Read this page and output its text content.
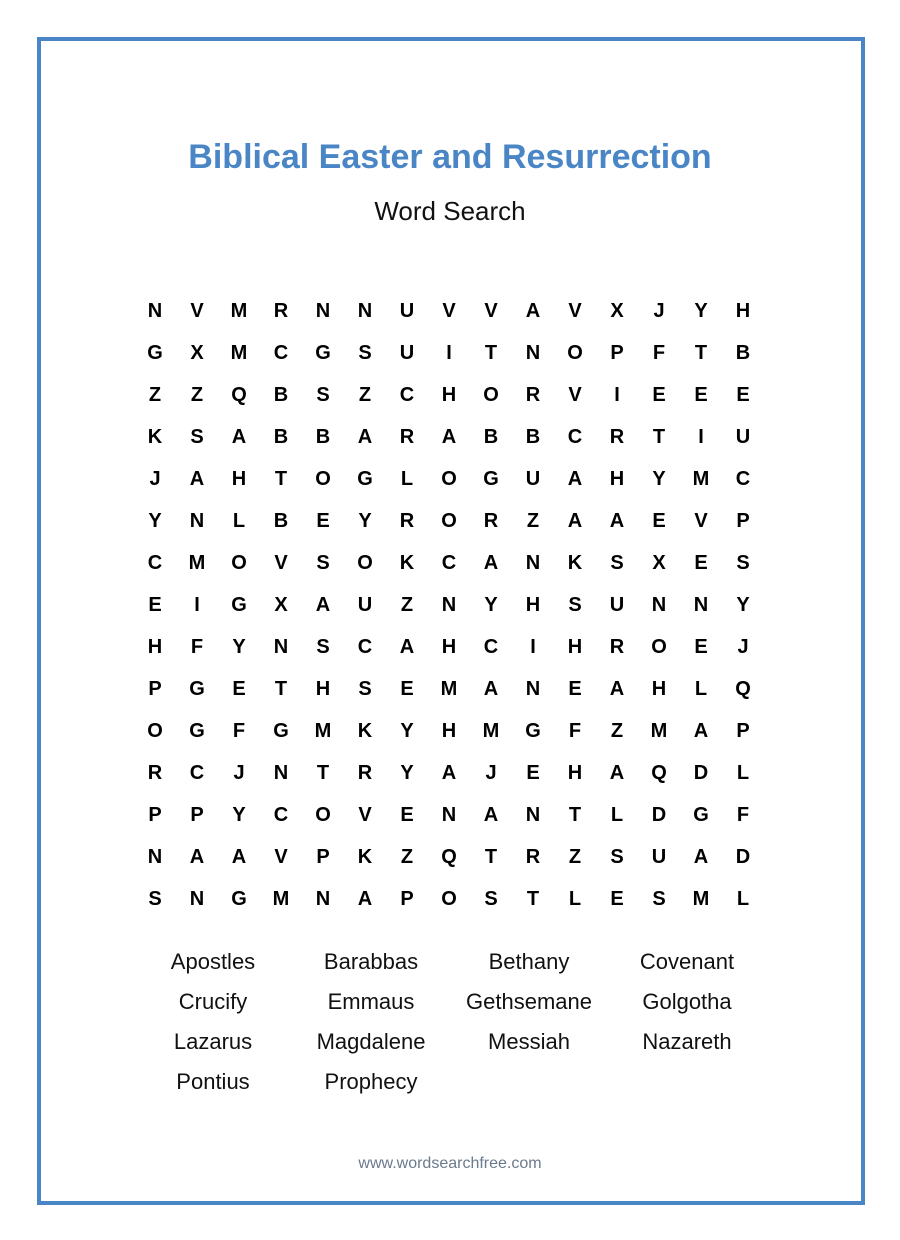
Biblical Easter and Resurrection
Word Search
N	V	M	R	N	N	U	V	V	A	V	X	J	Y	H
G	X	M	C	G	S	U	I	T	N	O	P	F	T	B
Z	Z	Q	B	S	Z	C	H	O	R	V	I	E	E	E
K	S	A	B	B	A	R	A	B	B	C	R	T	I	U
J	A	H	T	O	G	L	O	G	U	A	H	Y	M	C
Y	N	L	B	E	Y	R	O	R	Z	A	A	E	V	P
C	M	O	V	S	O	K	C	A	N	K	S	X	E	S
E	I	G	X	A	U	Z	N	Y	H	S	U	N	N	Y
H	F	Y	N	S	C	A	H	C	I	H	R	O	E	J
P	G	E	T	H	S	E	M	A	N	E	A	H	L	Q
O	G	F	G	M	K	Y	H	M	G	F	Z	M	A	P
R	C	J	N	T	R	Y	A	J	E	H	A	Q	D	L
P	P	Y	C	O	V	E	N	A	N	T	L	D	G	F
N	A	A	V	P	K	Z	Q	T	R	Z	S	U	A	D
S	N	G	M	N	A	P	O	S	T	L	E	S	M	L
Apostles	Barabbas	Bethany	Covenant
Crucify	Emmaus	Gethsemane	Golgotha
Lazarus	Magdalene	Messiah	Nazareth
Pontius	Prophecy
www.wordsearchfree.com
